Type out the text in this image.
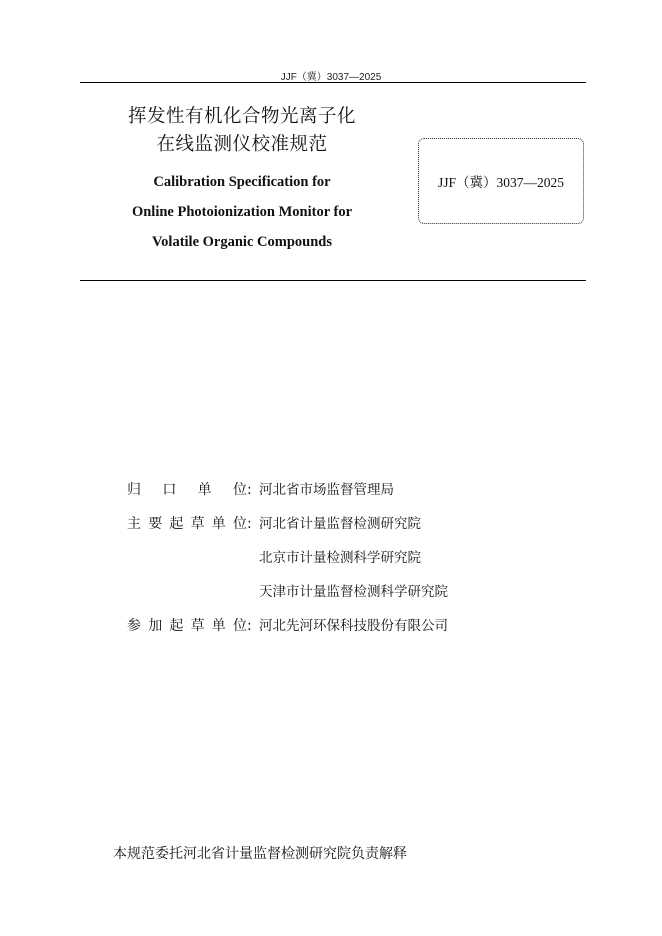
JJF（冀）3037—2025
挥发性有机化合物光离子化
在线监测仪校准规范
Calibration Specification for
Online Photoionization Monitor for
Volatile Organic Compounds
JJF（冀）3037—2025
归 口 单 位 : 河北省市场监督管理局
主 要 起 草 单 位 : 河北省计量监督检测研究院
北京市计量检测科学研究院
天津市计量监督检测科学研究院
参 加 起 草 单 位 : 河北先河环保科技股份有限公司
本规范委托河北省计量监督检测研究院负责解释
